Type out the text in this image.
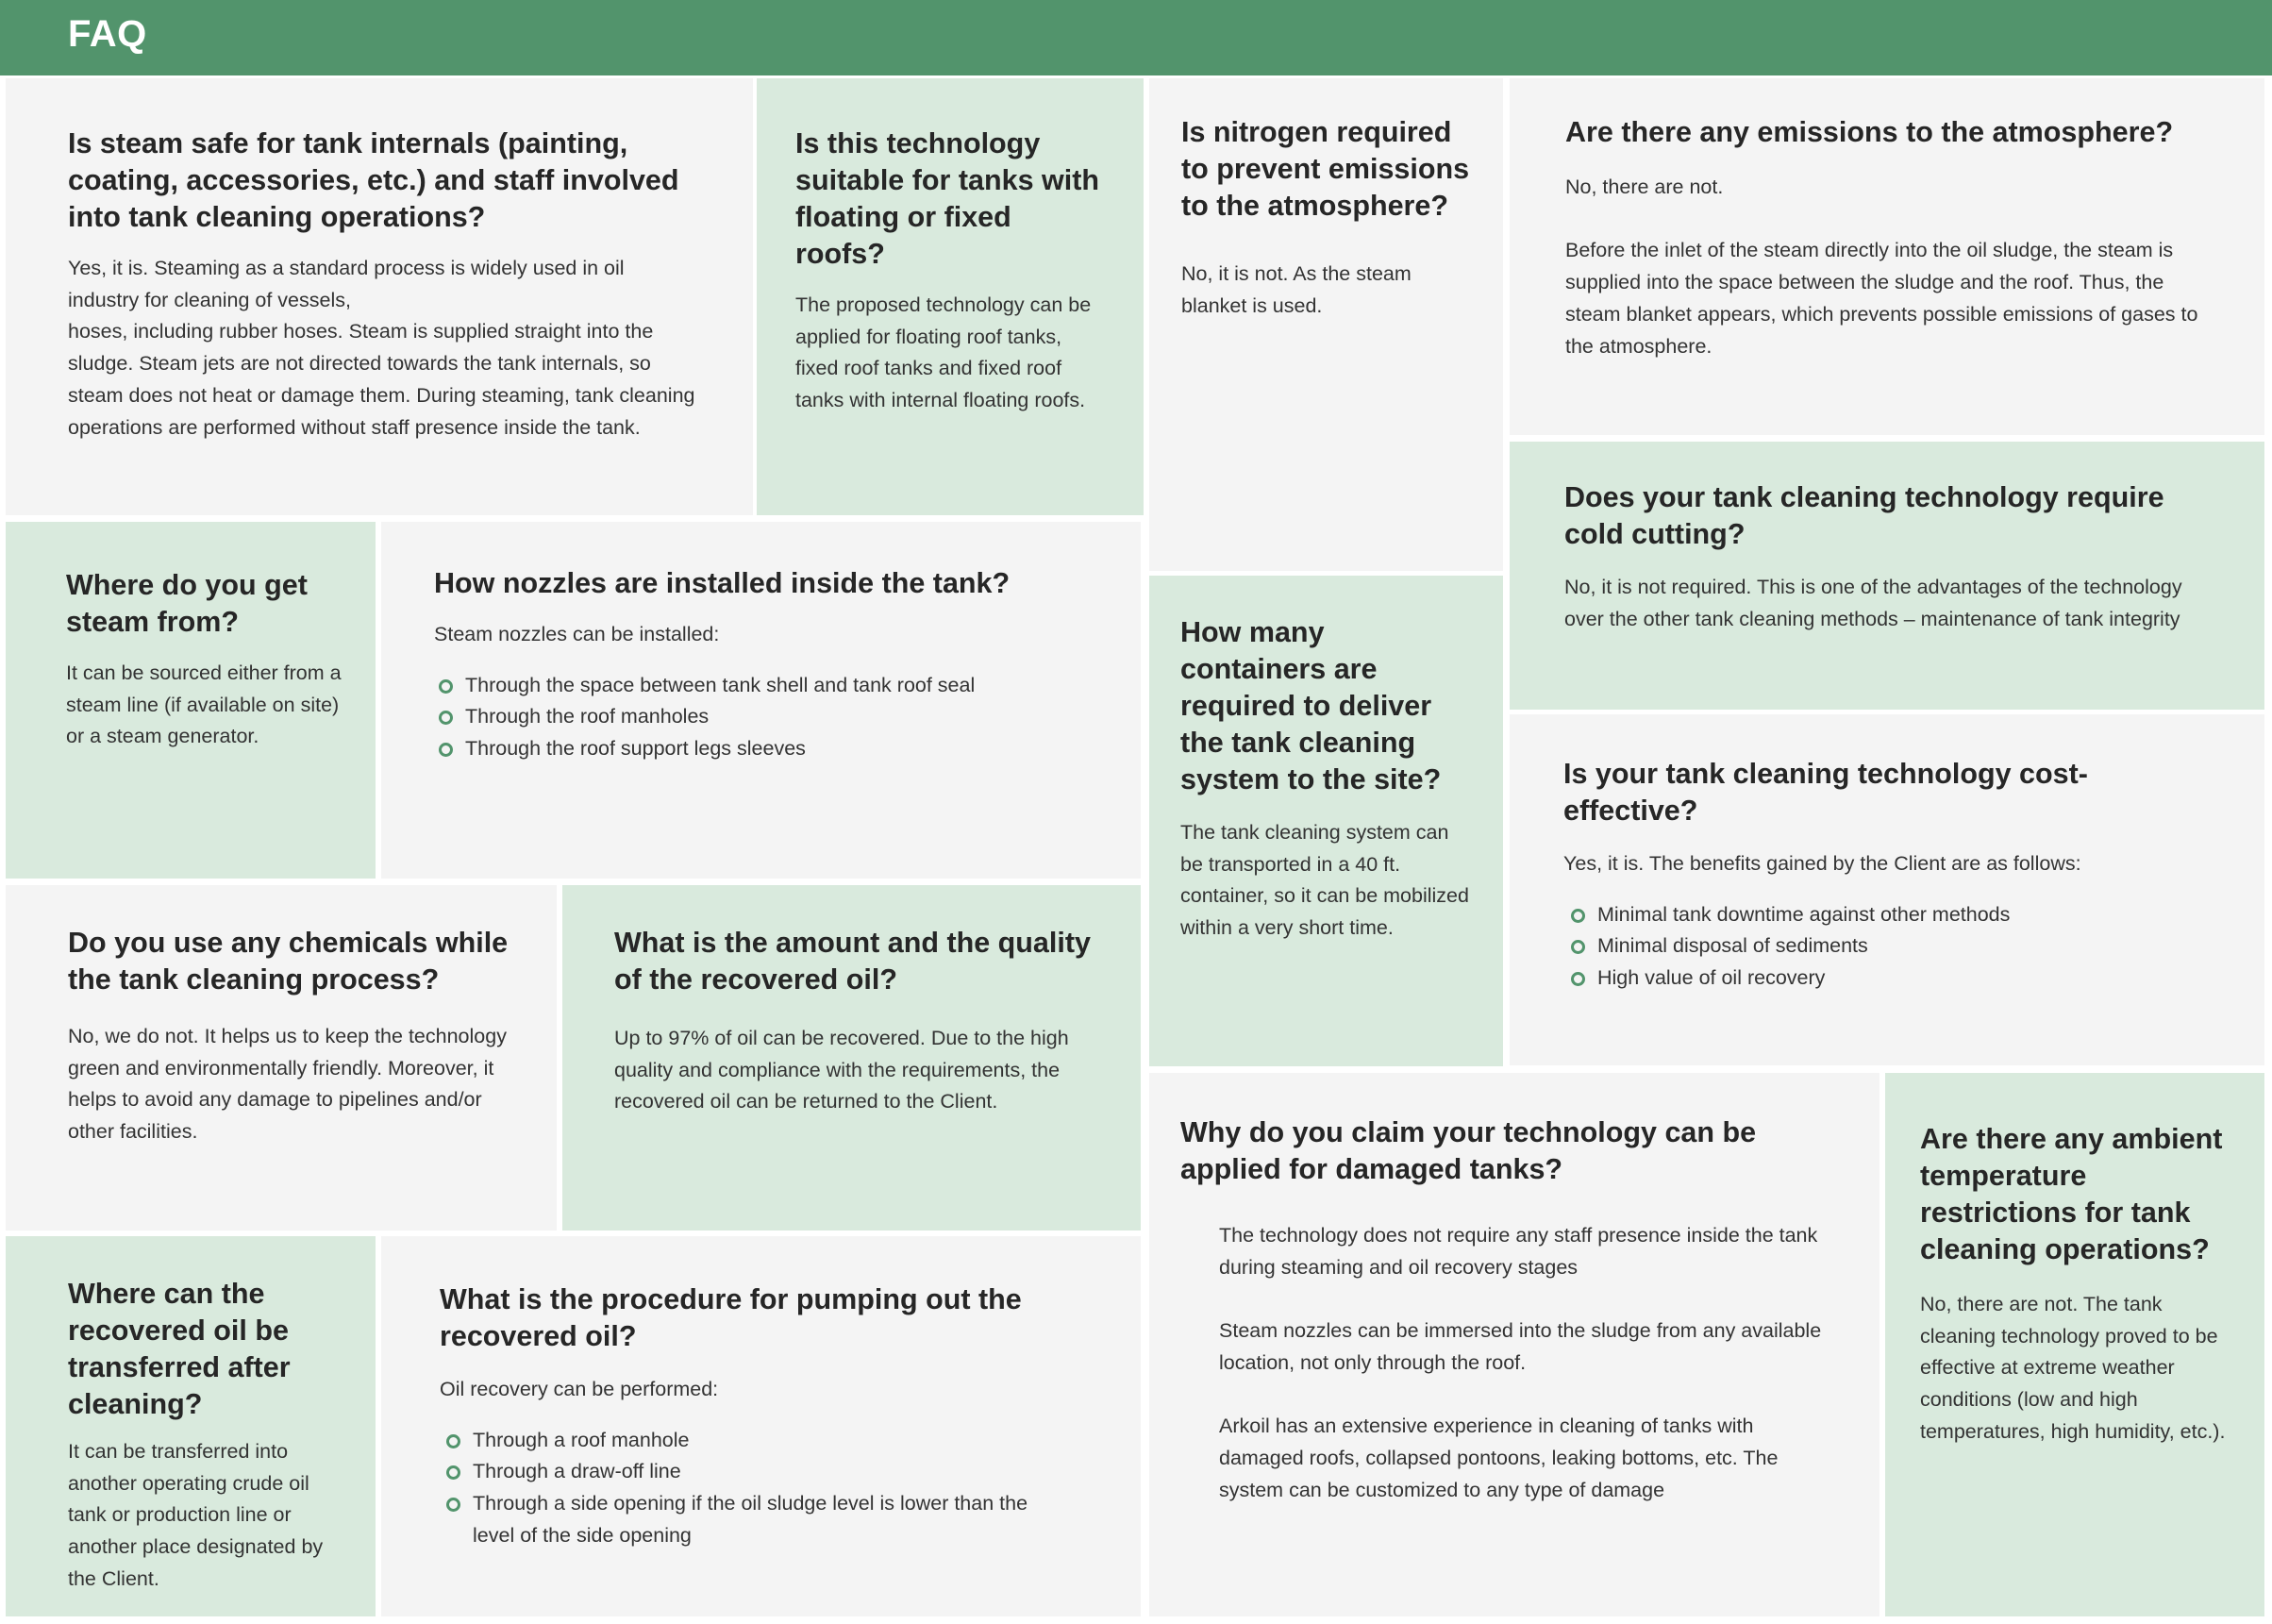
FAQ
Is steam safe for tank internals (painting, coating, accessories, etc.) and staff involved into tank cleaning operations?

Yes, it is. Steaming as a standard process is widely used in oil industry for cleaning of vessels,
hoses, including rubber hoses. Steam is supplied straight into the sludge. Steam jets are not directed towards the tank internals, so steam does not heat or damage them. During steaming, tank cleaning operations are performed without staff presence inside the tank.

Is this technology suitable for tanks with floating or fixed roofs?

The proposed technology can be applied for floating roof tanks, fixed roof tanks and fixed roof tanks with internal floating roofs.

Is nitrogen required to prevent emissions to the atmosphere?

No, it is not. As the steam blanket is used.

Are there any emissions to the atmosphere?

No, there are not.

Before the inlet of the steam directly into the oil sludge, the steam is supplied into the space between the sludge and the roof. Thus, the steam blanket appears, which prevents possible emissions of gases to the atmosphere.

Does your tank cleaning technology require cold cutting?

No, it is not required. This is one of the advantages of the technology over the other tank cleaning methods – maintenance of tank integrity

Where do you get steam from?

It can be sourced either from a steam line (if available on site) or a steam generator.

How nozzles are installed inside the tank?

Steam nozzles can be installed:

Through the space between tank shell and tank roof seal
Through the roof manholes
Through the roof support legs sleeves
How many containers are required to deliver the tank cleaning system to the site?

The tank cleaning system can be transported in a 40 ft. container, so it can be mobilized within a very short time.

Is your tank cleaning technology cost-effective?

Yes, it is. The benefits gained by the Client are as follows:

Minimal tank downtime against other methods
Minimal disposal of sediments
High value of oil recovery
Do you use any chemicals while the tank cleaning process?

No, we do not. It helps us to keep the technology green and environmentally friendly. Moreover, it helps to avoid any damage to pipelines and/or other facilities.

What is the amount and the quality of the recovered oil?

Up to 97% of oil can be recovered. Due to the high quality and compliance with the requirements, the recovered oil can be returned to the Client.

Why do you claim your technology can be applied for damaged tanks?

The technology does not require any staff presence inside the tank during steaming and oil recovery stages

Steam nozzles can be immersed into the sludge from any available location, not only through the roof.

Arkoil has an extensive experience in cleaning of tanks with damaged roofs, collapsed pontoons, leaking bottoms, etc. The system can be customized to any type of damage

Are there any ambient temperature restrictions for tank cleaning operations?

No, there are not. The tank cleaning technology proved to be effective at extreme weather conditions (low and high temperatures, high humidity, etc.).

Where can the recovered oil be transferred after cleaning?

It can be transferred into another operating crude oil tank or production line or another place designated by the Client.

What is the procedure for pumping out the recovered oil?

Oil recovery can be performed:

Through a roof manhole
Through a draw-off line
Through a side opening if the oil sludge level is lower than the level of the side opening
